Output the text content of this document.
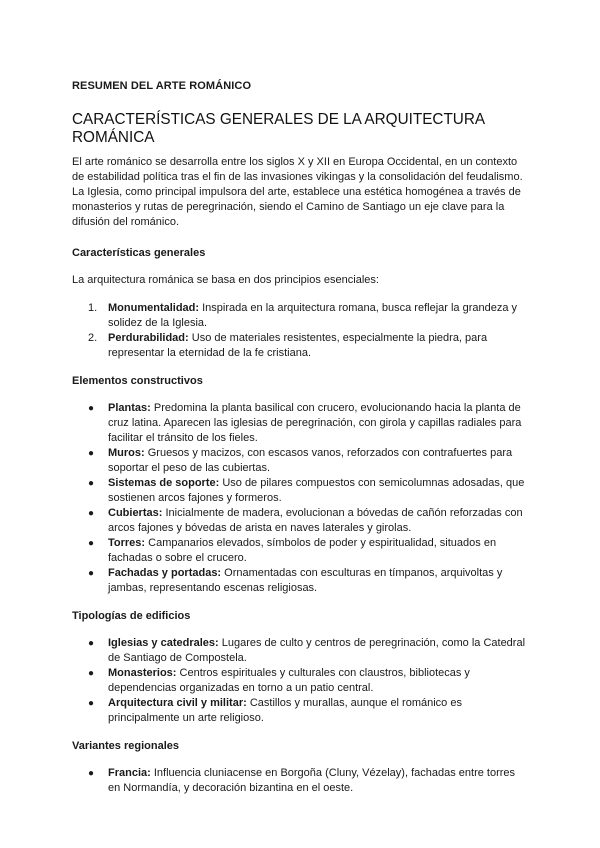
RESUMEN DEL ARTE ROMÁNICO
CARACTERÍSTICAS GENERALES DE LA ARQUITECTURA ROMÁNICA

El arte románico se desarrolla entre los siglos X y XII en Europa Occidental, en un contexto de estabilidad política tras el fin de las invasiones vikingas y la consolidación del feudalismo. La Iglesia, como principal impulsora del arte, establece una estética homogénea a través de monasterios y rutas de peregrinación, siendo el Camino de Santiago un eje clave para la difusión del románico.

Características generales

La arquitectura románica se basa en dos principios esenciales:

1. Monumentalidad: Inspirada en la arquitectura romana, busca reflejar la grandeza y solidez de la Iglesia.
2. Perdurabilidad: Uso de materiales resistentes, especialmente la piedra, para representar la eternidad de la fe cristiana.
Elementos constructivos
●	Plantas: Predomina la planta basilical con crucero, evolucionando hacia la planta de cruz latina. Aparecen las iglesias de peregrinación, con girola y capillas radiales para facilitar el tránsito de los fieles.
●	Muros: Gruesos y macizos, con escasos vanos, reforzados con contrafuertes para soportar el peso de las cubiertas.
●	Sistemas de soporte: Uso de pilares compuestos con semicolumnas adosadas, que sostienen arcos fajones y formeros.
●	Cubiertas: Inicialmente de madera, evolucionan a bóvedas de cañón reforzadas con arcos fajones y bóvedas de arista en naves laterales y girolas.
●	Torres: Campanarios elevados, símbolos de poder y espiritualidad, situados en fachadas o sobre el crucero.
●	Fachadas y portadas: Ornamentadas con esculturas en tímpanos, arquivoltas y jambas, representando escenas religiosas.
Tipologías de edificios
●	Iglesias y catedrales: Lugares de culto y centros de peregrinación, como la Catedral de Santiago de Compostela.
●	Monasterios: Centros espirituales y culturales con claustros, bibliotecas y dependencias organizadas en torno a un patio central.
●	Arquitectura civil y militar: Castillos y murallas, aunque el románico es principalmente un arte religioso.
Variantes regionales
●	Francia: Influencia cluniacense en Borgoña (Cluny, Vézelay), fachadas entre torres en Normandía, y decoración bizantina en el oeste.
